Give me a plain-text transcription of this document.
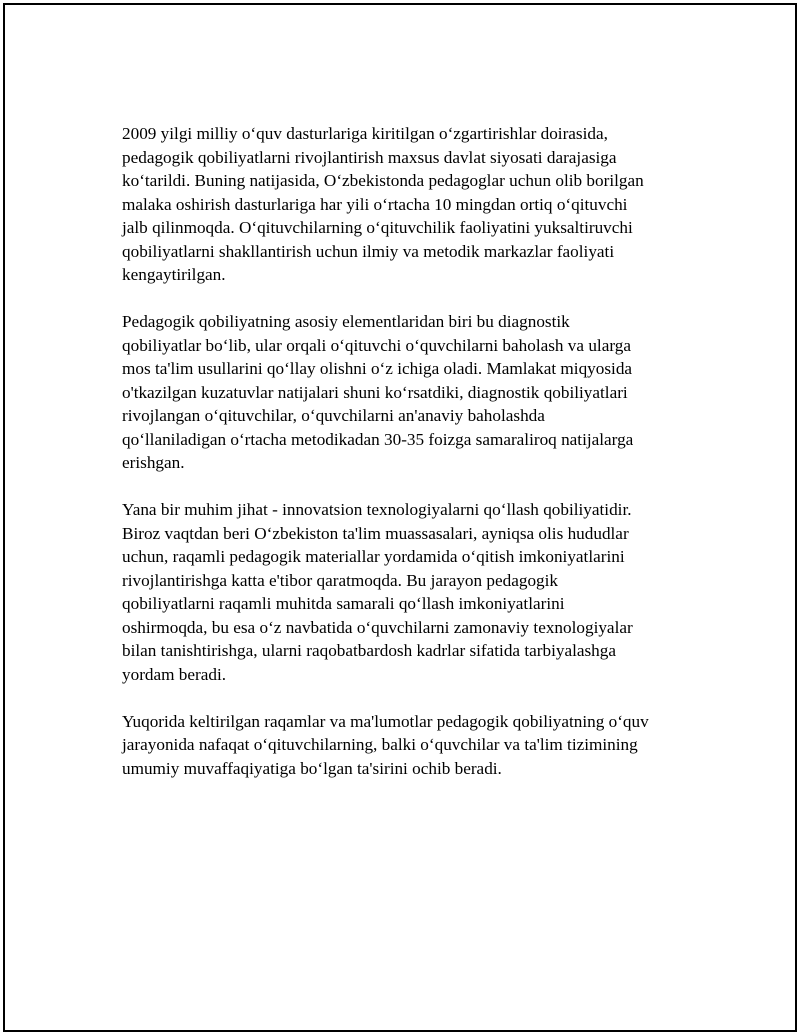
2009 yilgi milliy o‘quv dasturlariga kiritilgan o‘zgartirishlar doirasida,
pedagogik qobiliyatlarni rivojlantirish maxsus davlat siyosati darajasiga
ko‘tarildi. Buning natijasida, O‘zbekistonda pedagoglar uchun olib borilgan
malaka oshirish dasturlariga har yili o‘rtacha 10 mingdan ortiq o‘qituvchi
jalb qilinmoqda. O‘qituvchilarning o‘qituvchilik faoliyatini yuksaltiruvchi
qobiliyatlarni shakllantirish uchun ilmiy va metodik markazlar faoliyati
kengaytirilgan.

Pedagogik qobiliyatning asosiy elementlaridan biri bu diagnostik
qobiliyatlar bo‘lib, ular orqali o‘qituvchi o‘quvchilarni baholash va ularga
mos ta'lim usullarini qo‘llay olishni o‘z ichiga oladi. Mamlakat miqyosida
o'tkazilgan kuzatuvlar natijalari shuni ko‘rsatdiki, diagnostik qobiliyatlari
rivojlangan o‘qituvchilar, o‘quvchilarni an'anaviy baholashda
qo‘llaniladigan o‘rtacha metodikadan 30-35 foizga samaraliroq natijalarga
erishgan.

Yana bir muhim jihat - innovatsion texnologiyalarni qo‘llash qobiliyatidir.
Biroz vaqtdan beri O‘zbekiston ta'lim muassasalari, ayniqsa olis hududlar
uchun, raqamli pedagogik materiallar yordamida o‘qitish imkoniyatlarini
rivojlantirishga katta e'tibor qaratmoqda. Bu jarayon pedagogik
qobiliyatlarni raqamli muhitda samarali qo‘llash imkoniyatlarini
oshirmoqda, bu esa o‘z navbatida o‘quvchilarni zamonaviy texnologiyalar
bilan tanishtirishga, ularni raqobatbardosh kadrlar sifatida tarbiyalashga
yordam beradi.

Yuqorida keltirilgan raqamlar va ma'lumotlar pedagogik qobiliyatning o‘quv
jarayonida nafaqat o‘qituvchilarning, balki o‘quvchilar va ta'lim tizimining
umumiy muvaffaqiyatiga bo‘lgan ta'sirini ochib beradi.
